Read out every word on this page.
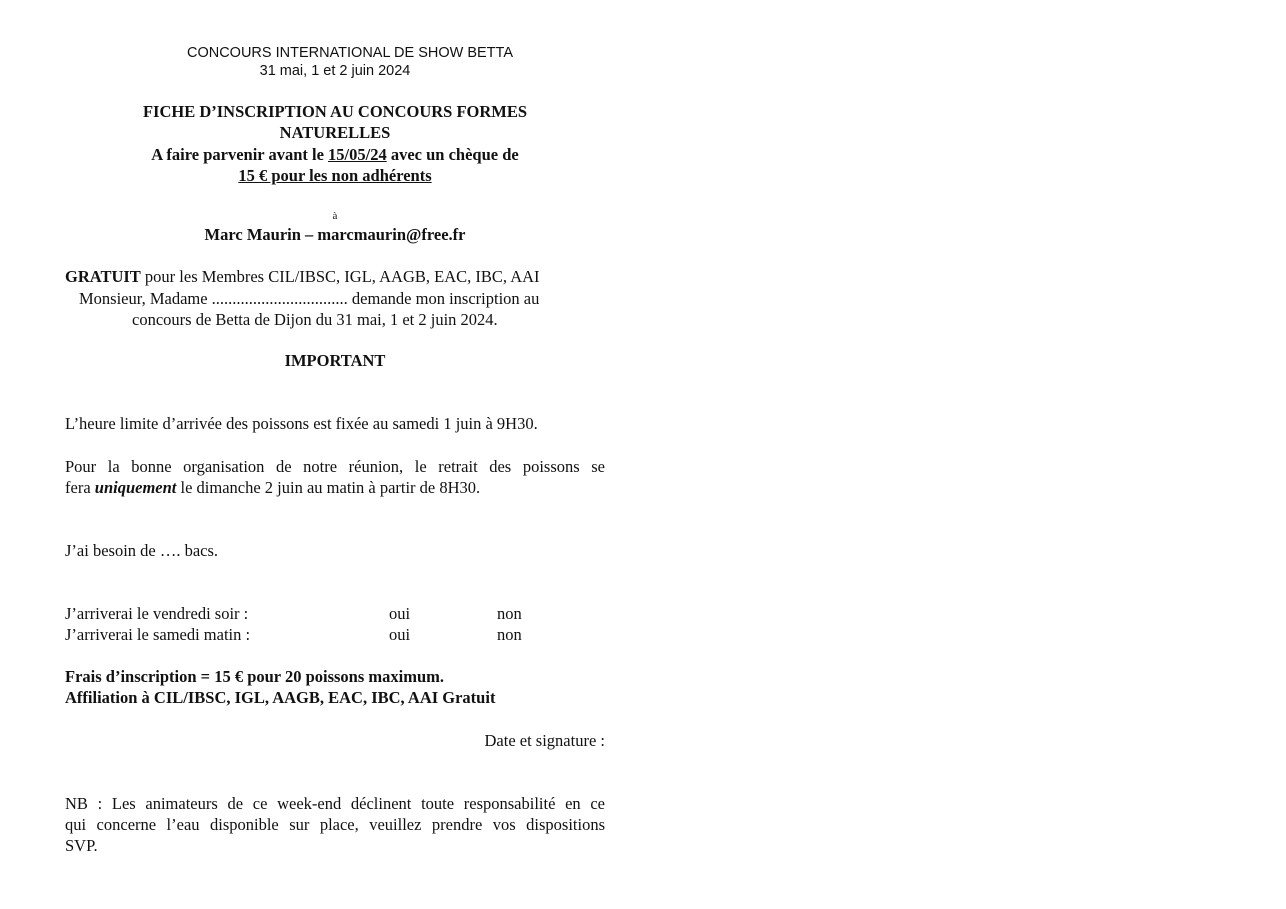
CONCOURS INTERNATIONAL DE SHOW BETTA
31 mai, 1 et 2 juin 2024
FICHE D’INSCRIPTION AU CONCOURS FORMES
NATURELLES
A faire parvenir avant le 15/05/24 avec un chèque de
15 € pour les non adhérents
à
Marc Maurin – marcmaurin@free.fr
GRATUIT pour les Membres CIL/IBSC, IGL, AAGB, EAC, IBC, AAI
Monsieur, Madame ................................. demande mon inscription au
concours de Betta de Dijon du 31 mai, 1 et 2 juin 2024.
IMPORTANT
L’heure limite d’arrivée des poissons est fixée au samedi 1 juin à 9H30.
Pour la bonne organisation de notre réunion, le retrait des poissons se
fera uniquement le dimanche 2 juin au matin à partir de 8H30.
J’ai besoin de …. bacs.
J’arriverai le vendredi soir :	oui	non
J’arriverai le samedi matin :	oui	non
Frais d’inscription = 15 € pour 20 poissons maximum.
Affiliation à CIL/IBSC, IGL, AAGB, EAC, IBC, AAI Gratuit
Date et signature :
NB : Les animateurs de ce week-end déclinent toute responsabilité en ce
qui concerne l’eau disponible sur place, veuillez prendre vos dispositions
SVP.
